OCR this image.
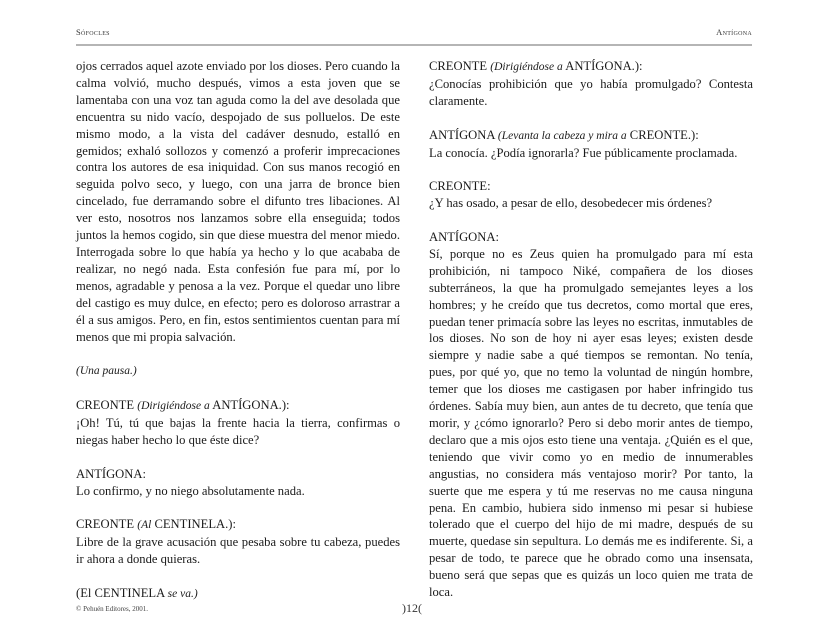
Sófocles	Antígona

ojos cerrados aquel azote enviado por los dioses. Pero cuando la calma volvió, mucho después, vimos a esta joven que se lamentaba con una voz tan aguda como la del ave desolada que encuentra su nido vacío, despojado de sus polluelos. De este mismo modo, a la vista del cadáver desnudo, estalló en gemidos; exhaló sollozos y comenzó a proferir imprecaciones contra los autores de esa iniquidad. Con sus manos recogió en seguida polvo seco, y luego, con una jarra de bronce bien cincelado, fue derramando sobre el difunto tres libaciones. Al ver esto, nosotros nos lanzamos sobre ella enseguida; todos juntos la hemos cogido, sin que diese muestra del menor miedo. Interrogada sobre lo que había ya hecho y lo que acababa de realizar, no negó nada. Esta confesión fue para mí, por lo menos, agradable y penosa a la vez. Porque el quedar uno libre del castigo es muy dulce, en efecto; pero es doloroso arrastrar a él a sus amigos. Pero, en fin, estos sentimientos cuentan para mí menos que mi propia salvación.

(Una pausa.)

CREONTE (Dirigiéndose a ANTÍGONA.):
¡Oh! Tú, tú que bajas la frente hacia la tierra, confirmas o niegas haber hecho lo que éste dice?

ANTÍGONA:
Lo confirmo, y no niego absolutamente nada.

CREONTE (Al CENTINELA.):
Libre de la grave acusación que pesaba sobre tu cabeza, puedes ir ahora a donde quieras.

(El CENTINELA se va.)

CREONTE (Dirigiéndose a ANTÍGONA.):
¿Conocías prohibición que yo había promulgado? Contesta claramente.

ANTÍGONA (Levanta la cabeza y mira a CREONTE.):
La conocía. ¿Podía ignorarla? Fue públicamente proclamada.

CREONTE:
¿Y has osado, a pesar de ello, desobedecer mis órdenes?

ANTÍGONA:
Sí, porque no es Zeus quien ha promulgado para mí esta prohibición, ni tampoco Niké, compañera de los dioses subterráneos, la que ha promulgado semejantes leyes a los hombres; y he creído que tus decretos, como mortal que eres, puedan tener primacía sobre las leyes no escritas, inmutables de los dioses. No son de hoy ni ayer esas leyes; existen desde siempre y nadie sabe a qué tiempos se remontan. No tenía, pues, por qué yo, que no temo la voluntad de ningún hombre, temer que los dioses me castigasen por haber infringido tus órdenes. Sabía muy bien, aun antes de tu decreto, que tenía que morir, y ¿cómo ignorarlo? Pero si debo morir antes de tiempo, declaro que a mis ojos esto tiene una ventaja. ¿Quién es el que, teniendo que vivir como yo en medio de innumerables angustias, no considera más ventajoso morir? Por tanto, la suerte que me espera y tú me reservas no me causa ninguna pena. En cambio, hubiera sido inmenso mi pesar si hubiese tolerado que el cuerpo del hijo de mi madre, después de su muerte, quedase sin sepultura. Lo demás me es indiferente. Si, a pesar de todo, te parece que he obrado como una insensata, bueno será que sepas que es quizás un loco quien me trata de loca.

© Pehuén Editores, 2001.	)12(
